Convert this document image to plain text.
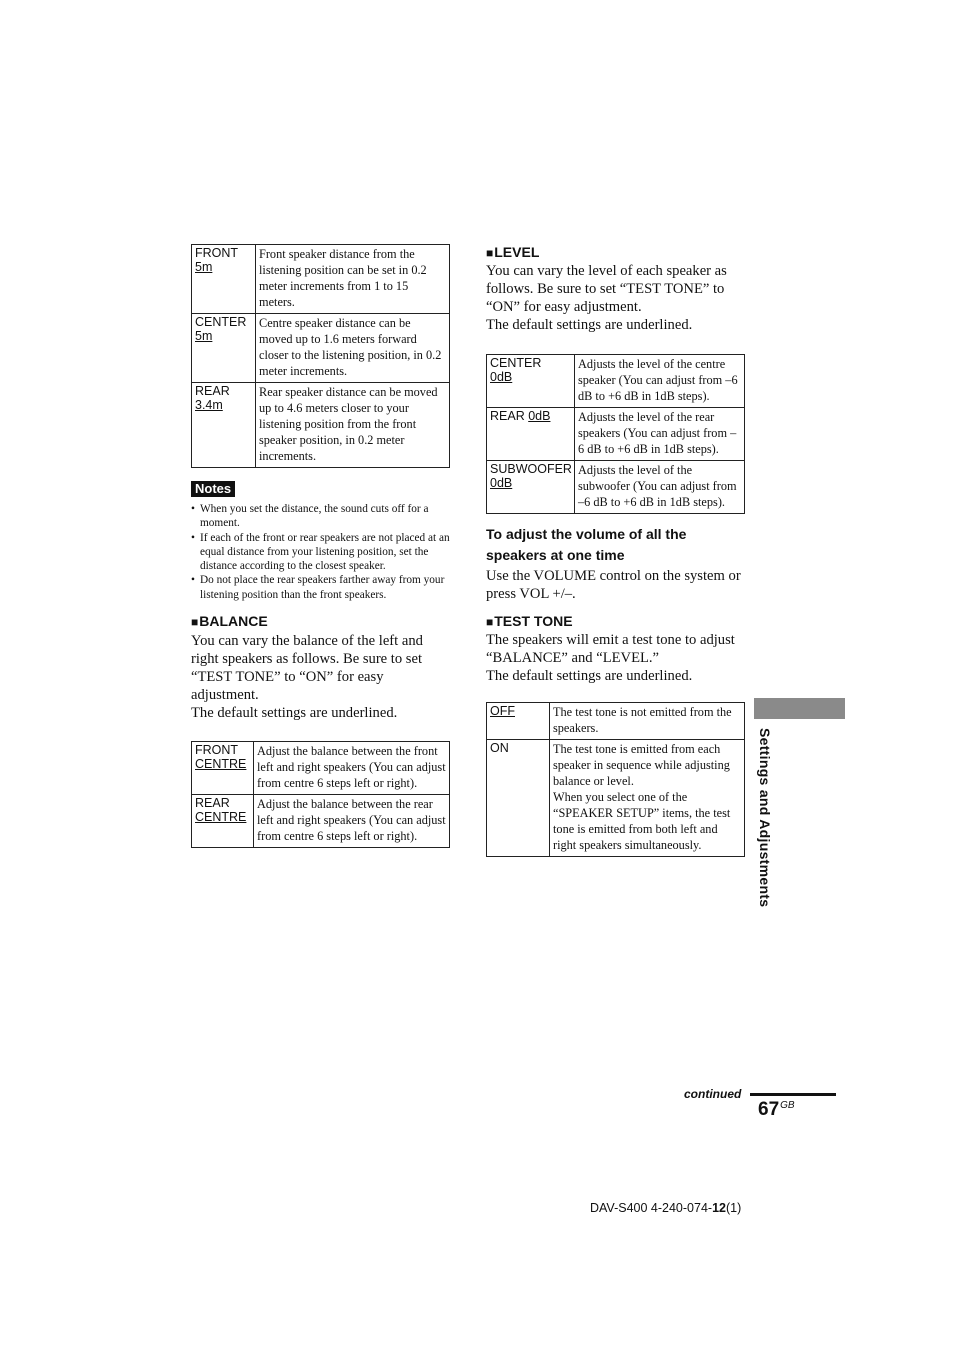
FRONT
5m	Front speaker distance from the listening position can be set in 0.2 meter increments from 1 to 15 meters.
CENTER
5m	Centre speaker distance can be moved up to 1.6 meters forward closer to the listening position, in 0.2 meter increments.
REAR
3.4m	Rear speaker distance can be moved up to 4.6 meters closer to your listening position from the front speaker position, in 0.2 meter increments.
Notes
• When you set the distance, the sound cuts off for a moment.
• If each of the front or rear speakers are not placed at an equal distance from your listening position, set the distance according to the closest speaker.
• Do not place the rear speakers farther away from your listening position than the front speakers.

■BALANCE

You can vary the balance of the left and right speakers as follows. Be sure to set “TEST TONE” to “ON” for easy adjustment.

The default settings are underlined.

FRONT
CENTRE	Adjust the balance between the front left and right speakers (You can adjust from centre 6 steps left or right).
REAR
CENTRE	Adjust the balance between the rear left and right speakers (You can adjust from centre 6 steps left or right).

■LEVEL

You can vary the level of each speaker as follows. Be sure to set “TEST TONE” to “ON” for easy adjustment.

The default settings are underlined.

CENTER
0dB	Adjusts the level of the centre speaker (You can adjust from –6 dB to +6 dB in 1dB steps).
REAR 0dB	Adjusts the level of the rear speakers (You can adjust from –6 dB to +6 dB in 1dB steps).
SUBWOOFER
0dB	Adjusts the level of the subwoofer (You can adjust from –6 dB to +6 dB in 1dB steps).

To adjust the volume of all the speakers at one time

Use the VOLUME control on the system or press VOL +/–.

■TEST TONE

The speakers will emit a test tone to adjust “BALANCE” and “LEVEL.”

The default settings are underlined.

OFF	The test tone is not emitted from the speakers.
ON	The test tone is emitted from each speaker in sequence while adjusting balance or level.
When you select one of the “SPEAKER SETUP” items, the test tone is emitted from both left and right speakers simultaneously.	Settings and Adjustments
continued
$67^{GB}$
DAV-S400 4-240-074-12(1)
